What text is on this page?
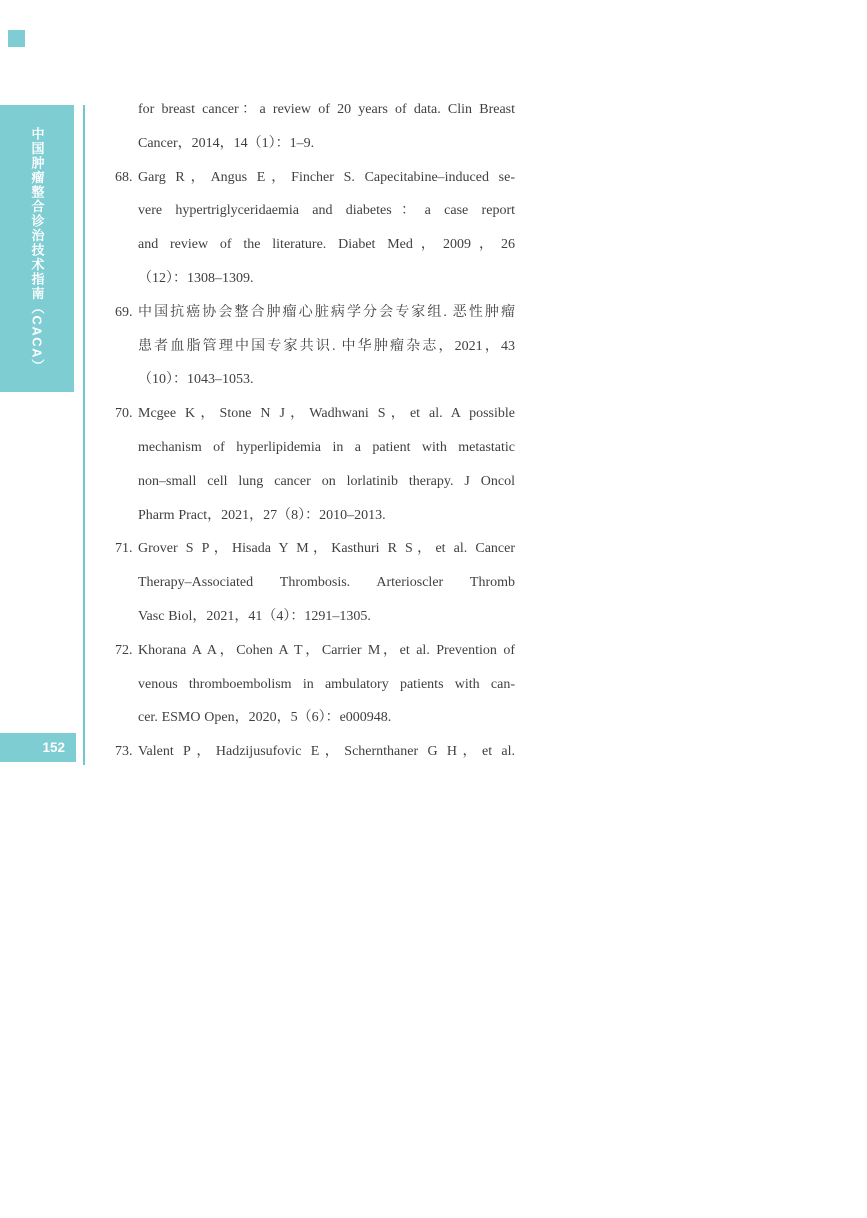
中国肿瘤整合诊治技术指南（CACA）
for breast cancer：a review of 20 years of data. Clin Breast
Cancer，2014，14（1）：1–9.
68. Garg R，Angus E，Fincher S. Capecitabine–induced se-
vere hypertriglyceridaemia and diabetes：a case report
and review of the literature. Diabet Med，2009，26
（12）：1308–1309.
69. 中国抗癌协会整合肿瘤心脏病学分会专家组. 恶性肿瘤
患者血脂管理中国专家共识. 中华肿瘤杂志，2021，43
（10）：1043–1053.
70. Mcgee K，Stone N J，Wadhwani S，et al. A possible
mechanism of hyperlipidemia in a patient with metastatic
non–small cell lung cancer on lorlatinib therapy. J Oncol
Pharm Pract，2021，27（8）：2010–2013.
71. Grover S P，Hisada Y M，Kasthuri R S，et al. Cancer
Therapy–Associated Thrombosis. Arterioscler Thromb
Vasc Biol，2021，41（4）：1291–1305.
72. Khorana A A，Cohen A T，Carrier M，et al. Prevention of
venous thromboembolism in ambulatory patients with can-
cer. ESMO Open，2020，5（6）：e000948.
73. Valent P，Hadzijusufovic E，Schernthaner G H，et al.
152
